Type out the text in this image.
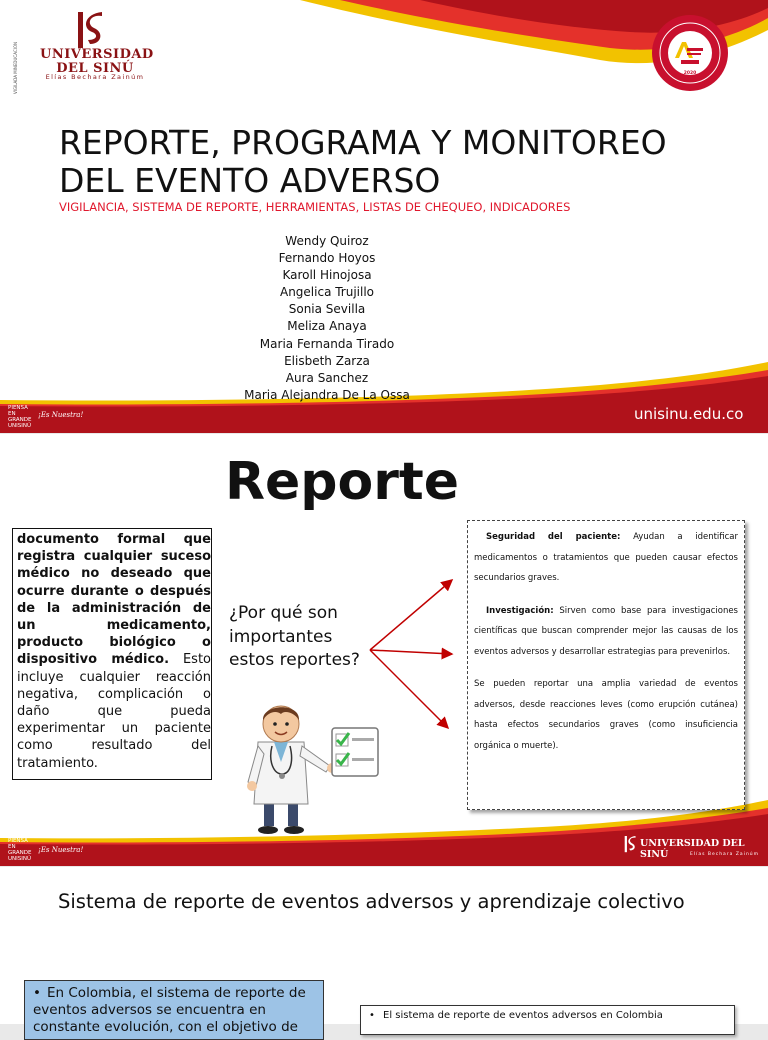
UNIVERSIDAD
DEL SINÚ
Elías Bechara Zainúm
VIGILADA MINEDUCACIÓN	2020
REPORTE, PROGRAMA Y MONITOREO DEL EVENTO ADVERSO
VIGILANCIA, SISTEMA DE REPORTE, HERRAMIENTAS, LISTAS DE CHEQUEO, INDICADORES
Wendy Quiroz
Fernando Hoyos
Karoll Hinojosa
Angelica Trujillo
Sonia Sevilla
Meliza Anaya
Maria Fernanda Tirado
Elisbeth Zarza
Aura Sanchez
Maria Alejandra De La Ossa
PIENSA
EN
GRANDE
UNISINÚ
¡Es Nuestra!	unisinu.edu.co
Reporte

documento formal que registra cualquier suceso médico no deseado que ocurre durante o después de la administración de un medicamento, producto biológico o dispositivo médico. Esto incluye cualquier reacción negativa, complicación o daño que pueda experimentar un paciente como resultado del tratamiento.

¿Por qué son importantes estos reportes?

Seguridad del paciente: Ayudan a identificar medicamentos o tratamientos que pueden causar efectos secundarios graves.

Investigación: Sirven como base para investigaciones científicas que buscan comprender mejor las causas de los eventos adversos y desarrollar estrategias para prevenirlos.

Se pueden reportar una amplia variedad de eventos adversos, desde reacciones leves (como erupción cutánea) hasta efectos secundarios graves (como insuficiencia orgánica o muerte).

PIENSA
EN
GRANDE
UNISINÚ
¡Es Nuestra!
UNIVERSIDAD DEL SINÚ	Elías Bechara Zainúm
Sistema de reporte de eventos adversos y aprendizaje colectivo
• En Colombia, el sistema de reporte de eventos adversos se encuentra en constante evolución, con el objetivo de
• El sistema de reporte de eventos adversos en Colombia
